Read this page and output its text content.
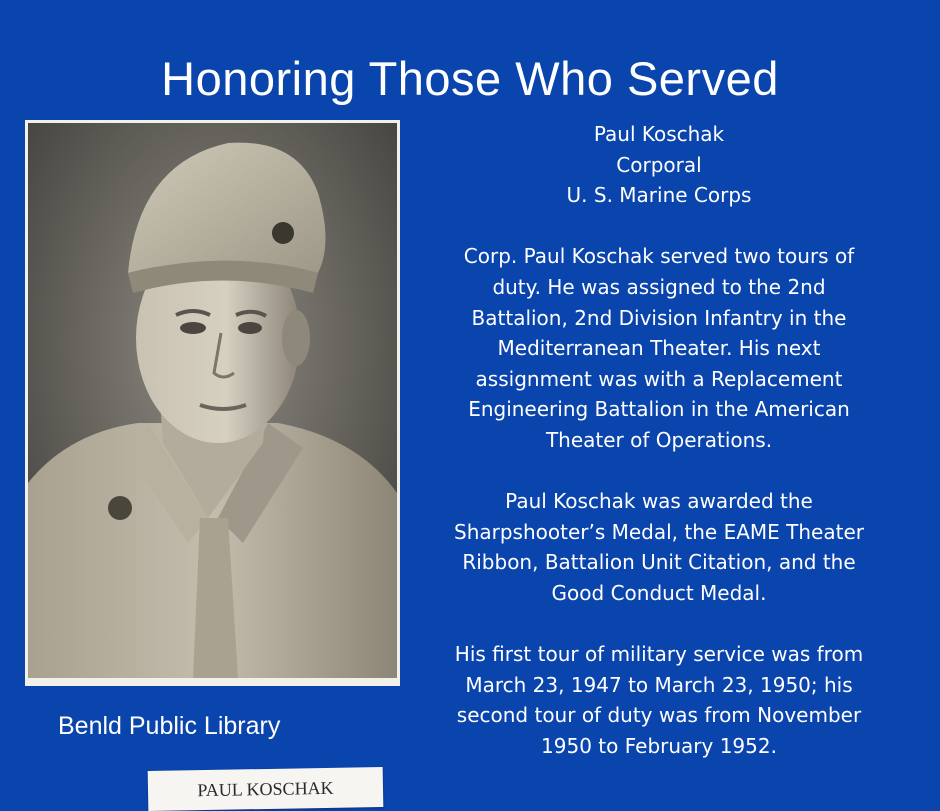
Honoring Those Who Served
PAUL KOSCHAK
Benld Public Library

Paul Koschak
Corporal
U. S. Marine Corps

Corp. Paul Koschak served two tours of
duty. He was assigned to the 2nd
Battalion, 2nd Division Infantry in the
Mediterranean Theater. His next
assignment was with a Replacement
Engineering Battalion in the American
Theater of Operations.

Paul Koschak was awarded the
Sharpshooter’s Medal, the EAME Theater
Ribbon, Battalion Unit Citation, and the
Good Conduct Medal.

His first tour of military service was from
March 23, 1947 to March 23, 1950; his
second tour of duty was from November
1950 to February 1952.
